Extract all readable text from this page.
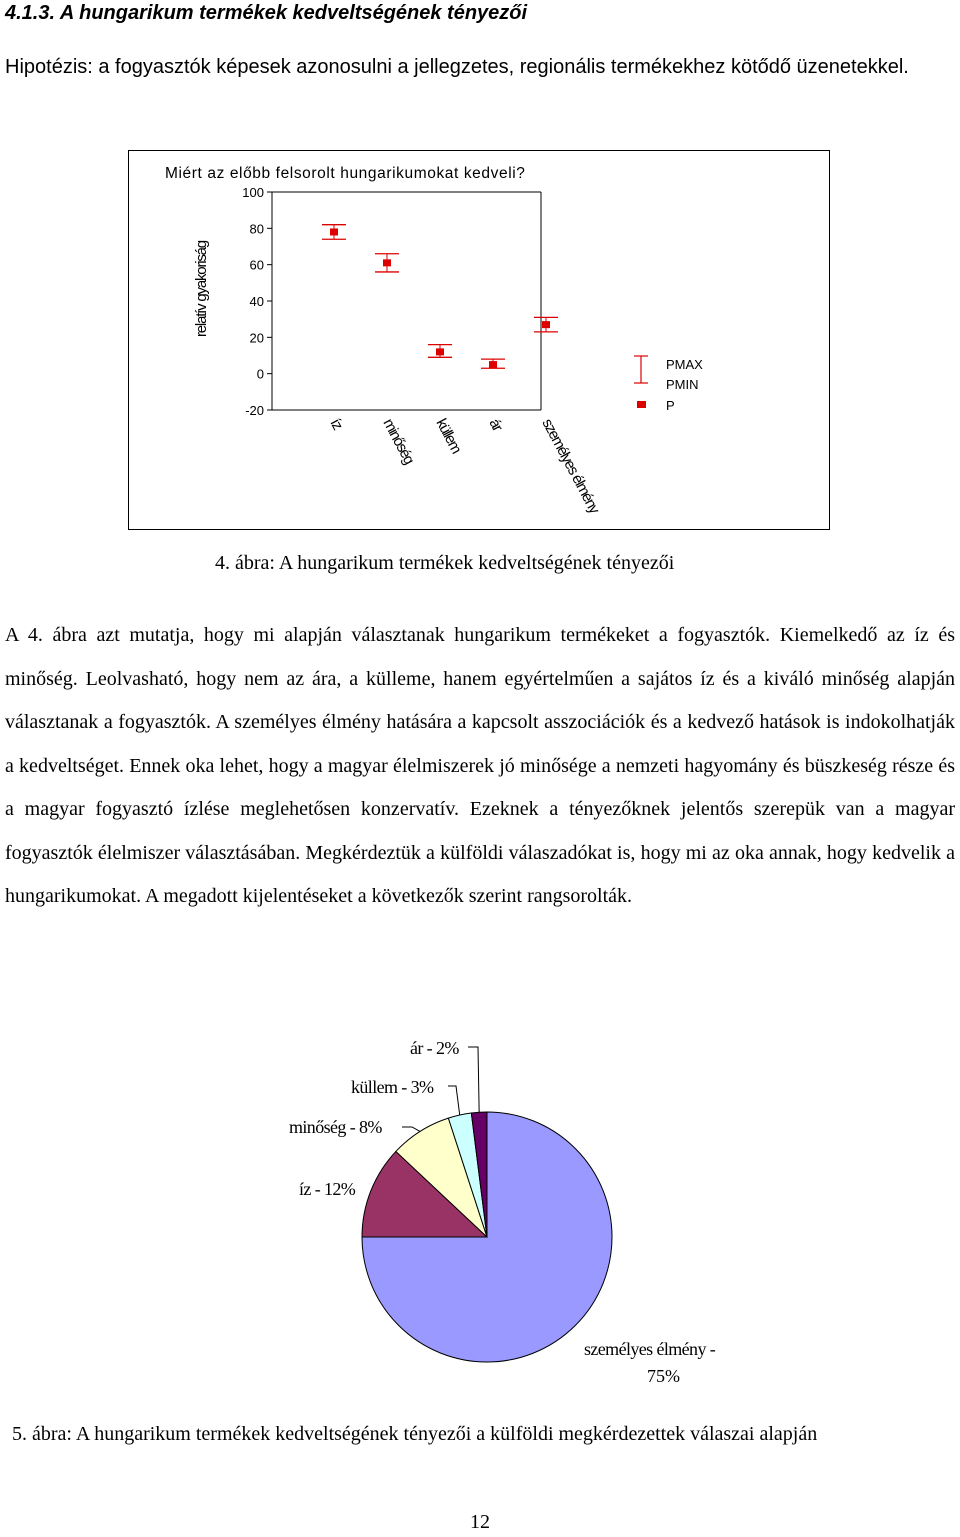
4.1.3. A hungarikum termékek kedveltségének tényezői
Hipotézis: a fogyasztók képesek azonosulni a jellegzetes, regionális termékekhez kötődő üzenetekkel.
Miért az előbb felsorolt hungarikumokat kedveli?
relatív gyakoriság
100
80
60
40
20
0
-20
íz minőség küllem ár személyes élmény
PMAX
PMIN
P
4. ábra: A hungarikum termékek kedveltségének tényezői
A 4. ábra azt mutatja, hogy mi alapján választanak hungarikum termékeket a fogyasztók. Kiemelkedő az íz és minőség. Leolvasható, hogy nem az ára, a külleme, hanem egyértelműen a sajátos íz és a kiváló minőség alapján választanak a fogyasztók. A személyes élmény hatására a kapcsolt asszociációk és a kedvező hatások is indokolhatják a kedveltséget. Ennek oka lehet, hogy a magyar élelmiszerek jó minősége a nemzeti hagyomány és büszkeség része és a magyar fogyasztó ízlése meglehetősen konzervatív. Ezeknek a tényezőknek jelentős szerepük van a magyar fogyasztók élelmiszer választásában. Megkérdeztük a külföldi válaszadókat is, hogy mi az oka annak, hogy kedvelik a hungarikumokat. A megadott kijelentéseket a következők szerint rangsorolták.
személyes élmény -
75%
íz - 12%
minőség - 8%
küllem - 3%
ár - 2%
5. ábra: A hungarikum termékek kedveltségének tényezői a külföldi megkérdezettek válaszai alapján
12
